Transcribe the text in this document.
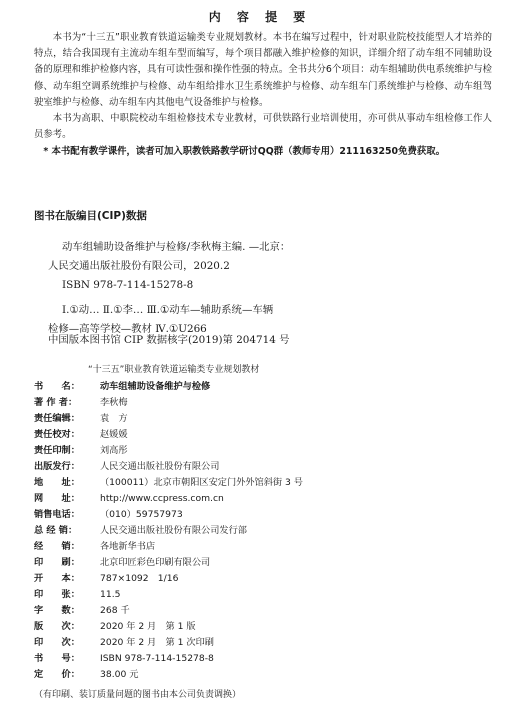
内 容 提 要

本书为“十三五”职业教育铁道运输类专业规划教材。本书在编写过程中，针对职业院校技能型人才培养的特点，结合我国现有主流动车组车型而编写，每个项目都融入维护检修的知识，详细介绍了动车组不同辅助设备的原理和维护检修内容，具有可读性强和操作性强的特点。全书共分6个项目：动车组辅助供电系统维护与检修、动车组空调系统维护与检修、动车组给排水卫生系统维护与检修、动车组车门系统维护与检修、动车组驾驶室维护与检修、动车组车内其他电气设备维护与检修。

本书为高职、中职院校动车组检修技术专业教材，可供铁路行业培训使用，亦可供从事动车组检修工作人员参考。

* 本书配有教学课件，读者可加入职教铁路教学研讨QQ群（教师专用）211163250免费获取。

图书在版编目(CIP)数据

动车组辅助设备维护与检修/李秋梅主编. —北京：

人民交通出版社股份有限公司，2020.2

ISBN 978-7-114-15278-8

Ⅰ.①动… Ⅱ.①李… Ⅲ.①动车—辅助系统—车辆

检修—高等学校—教材 Ⅳ.①U266

中国版本图书馆 CIP 数据核字(2019)第 204714 号
“十三五”职业教育铁道运输类专业规划教材
书　　名：	动车组辅助设备维护与检修
著 作 者：	李秋梅
责任编辑：	袁　方
责任校对：	赵媛媛
责任印制：	刘高彤
出版发行：	人民交通出版社股份有限公司
地　　址：	（100011）北京市朝阳区安定门外外馆斜街 3 号
网　　址：	http://www.ccpress.com.cn
销售电话：	（010）59757973
总 经 销：	人民交通出版社股份有限公司发行部
经　　销：	各地新华书店
印　　刷：	北京印匠彩色印刷有限公司
开　　本：	787×1092　1/16
印　　张：	11.5
字　　数：	268 千
版　　次：	2020 年 2 月　第 1 版
印　　次：	2020 年 2 月　第 1 次印刷
书　　号：	ISBN 978-7-114-15278-8
定　　价：	38.00 元
（有印刷、装订质量问题的图书由本公司负责调换）
